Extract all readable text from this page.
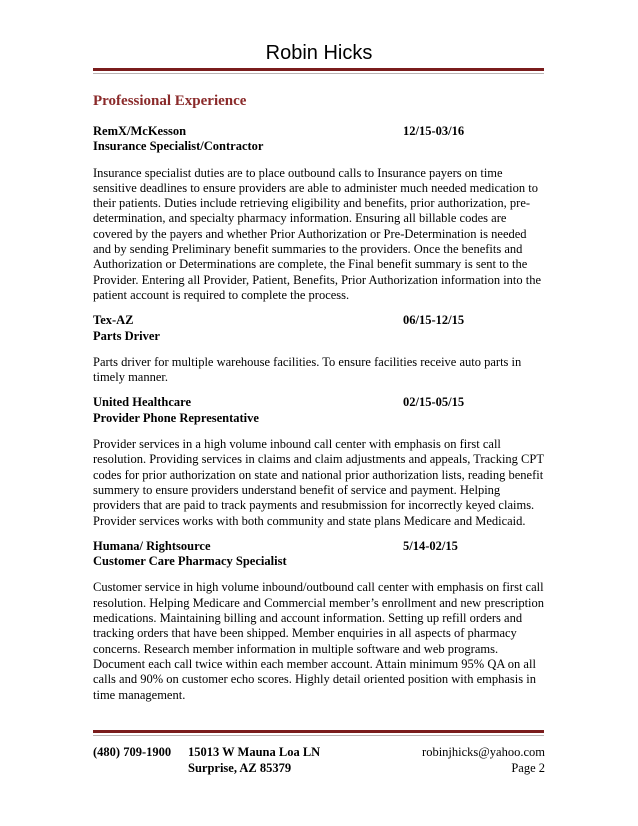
Robin Hicks
Professional Experience
RemX/McKesson	12/15-03/16
Insurance Specialist/Contractor

Insurance specialist duties are to place outbound calls to Insurance payers on time sensitive deadlines to ensure providers are able to administer much needed medication to their patients. Duties include retrieving eligibility and benefits, prior authorization, pre-determination, and specialty pharmacy information. Ensuring all billable codes are covered by the payers and whether Prior Authorization or Pre-Determination is needed and by sending Preliminary benefit summaries to the providers. Once the benefits and Authorization or Determinations are complete, the Final benefit summary is sent to the Provider. Entering all Provider, Patient, Benefits, Prior Authorization information into the patient account is required to complete the process.

Tex-AZ	06/15-12/15
Parts Driver

Parts driver for multiple warehouse facilities. To ensure facilities receive auto parts in timely manner.

United Healthcare	02/15-05/15
Provider Phone Representative

Provider services in a high volume inbound call center with emphasis on first call resolution. Providing services in claims and claim adjustments and appeals, Tracking CPT codes for prior authorization on state and national prior authorization lists, reading benefit summery to ensure providers understand benefit of service and payment. Helping providers that are paid to track payments and resubmission for incorrectly keyed claims. Provider services works with both community and state plans Medicare and Medicaid.

Humana/ Rightsource	5/14-02/15
Customer Care Pharmacy Specialist

Customer service in high volume inbound/outbound call center with emphasis on first call resolution. Helping Medicare and Commercial member’s enrollment and new prescription medications. Maintaining billing and account information. Setting up refill orders and tracking orders that have been shipped. Member enquiries in all aspects of pharmacy concerns. Research member information in multiple software and web programs. Document each call twice within each member account. Attain minimum 95% QA on all calls and 90% on customer echo scores. Highly detail oriented position with emphasis in time management.

(480) 709-1900	15013 W Mauna Loa LN	robinjhicks@yahoo.com
Surprise, AZ 85379	Page 2
